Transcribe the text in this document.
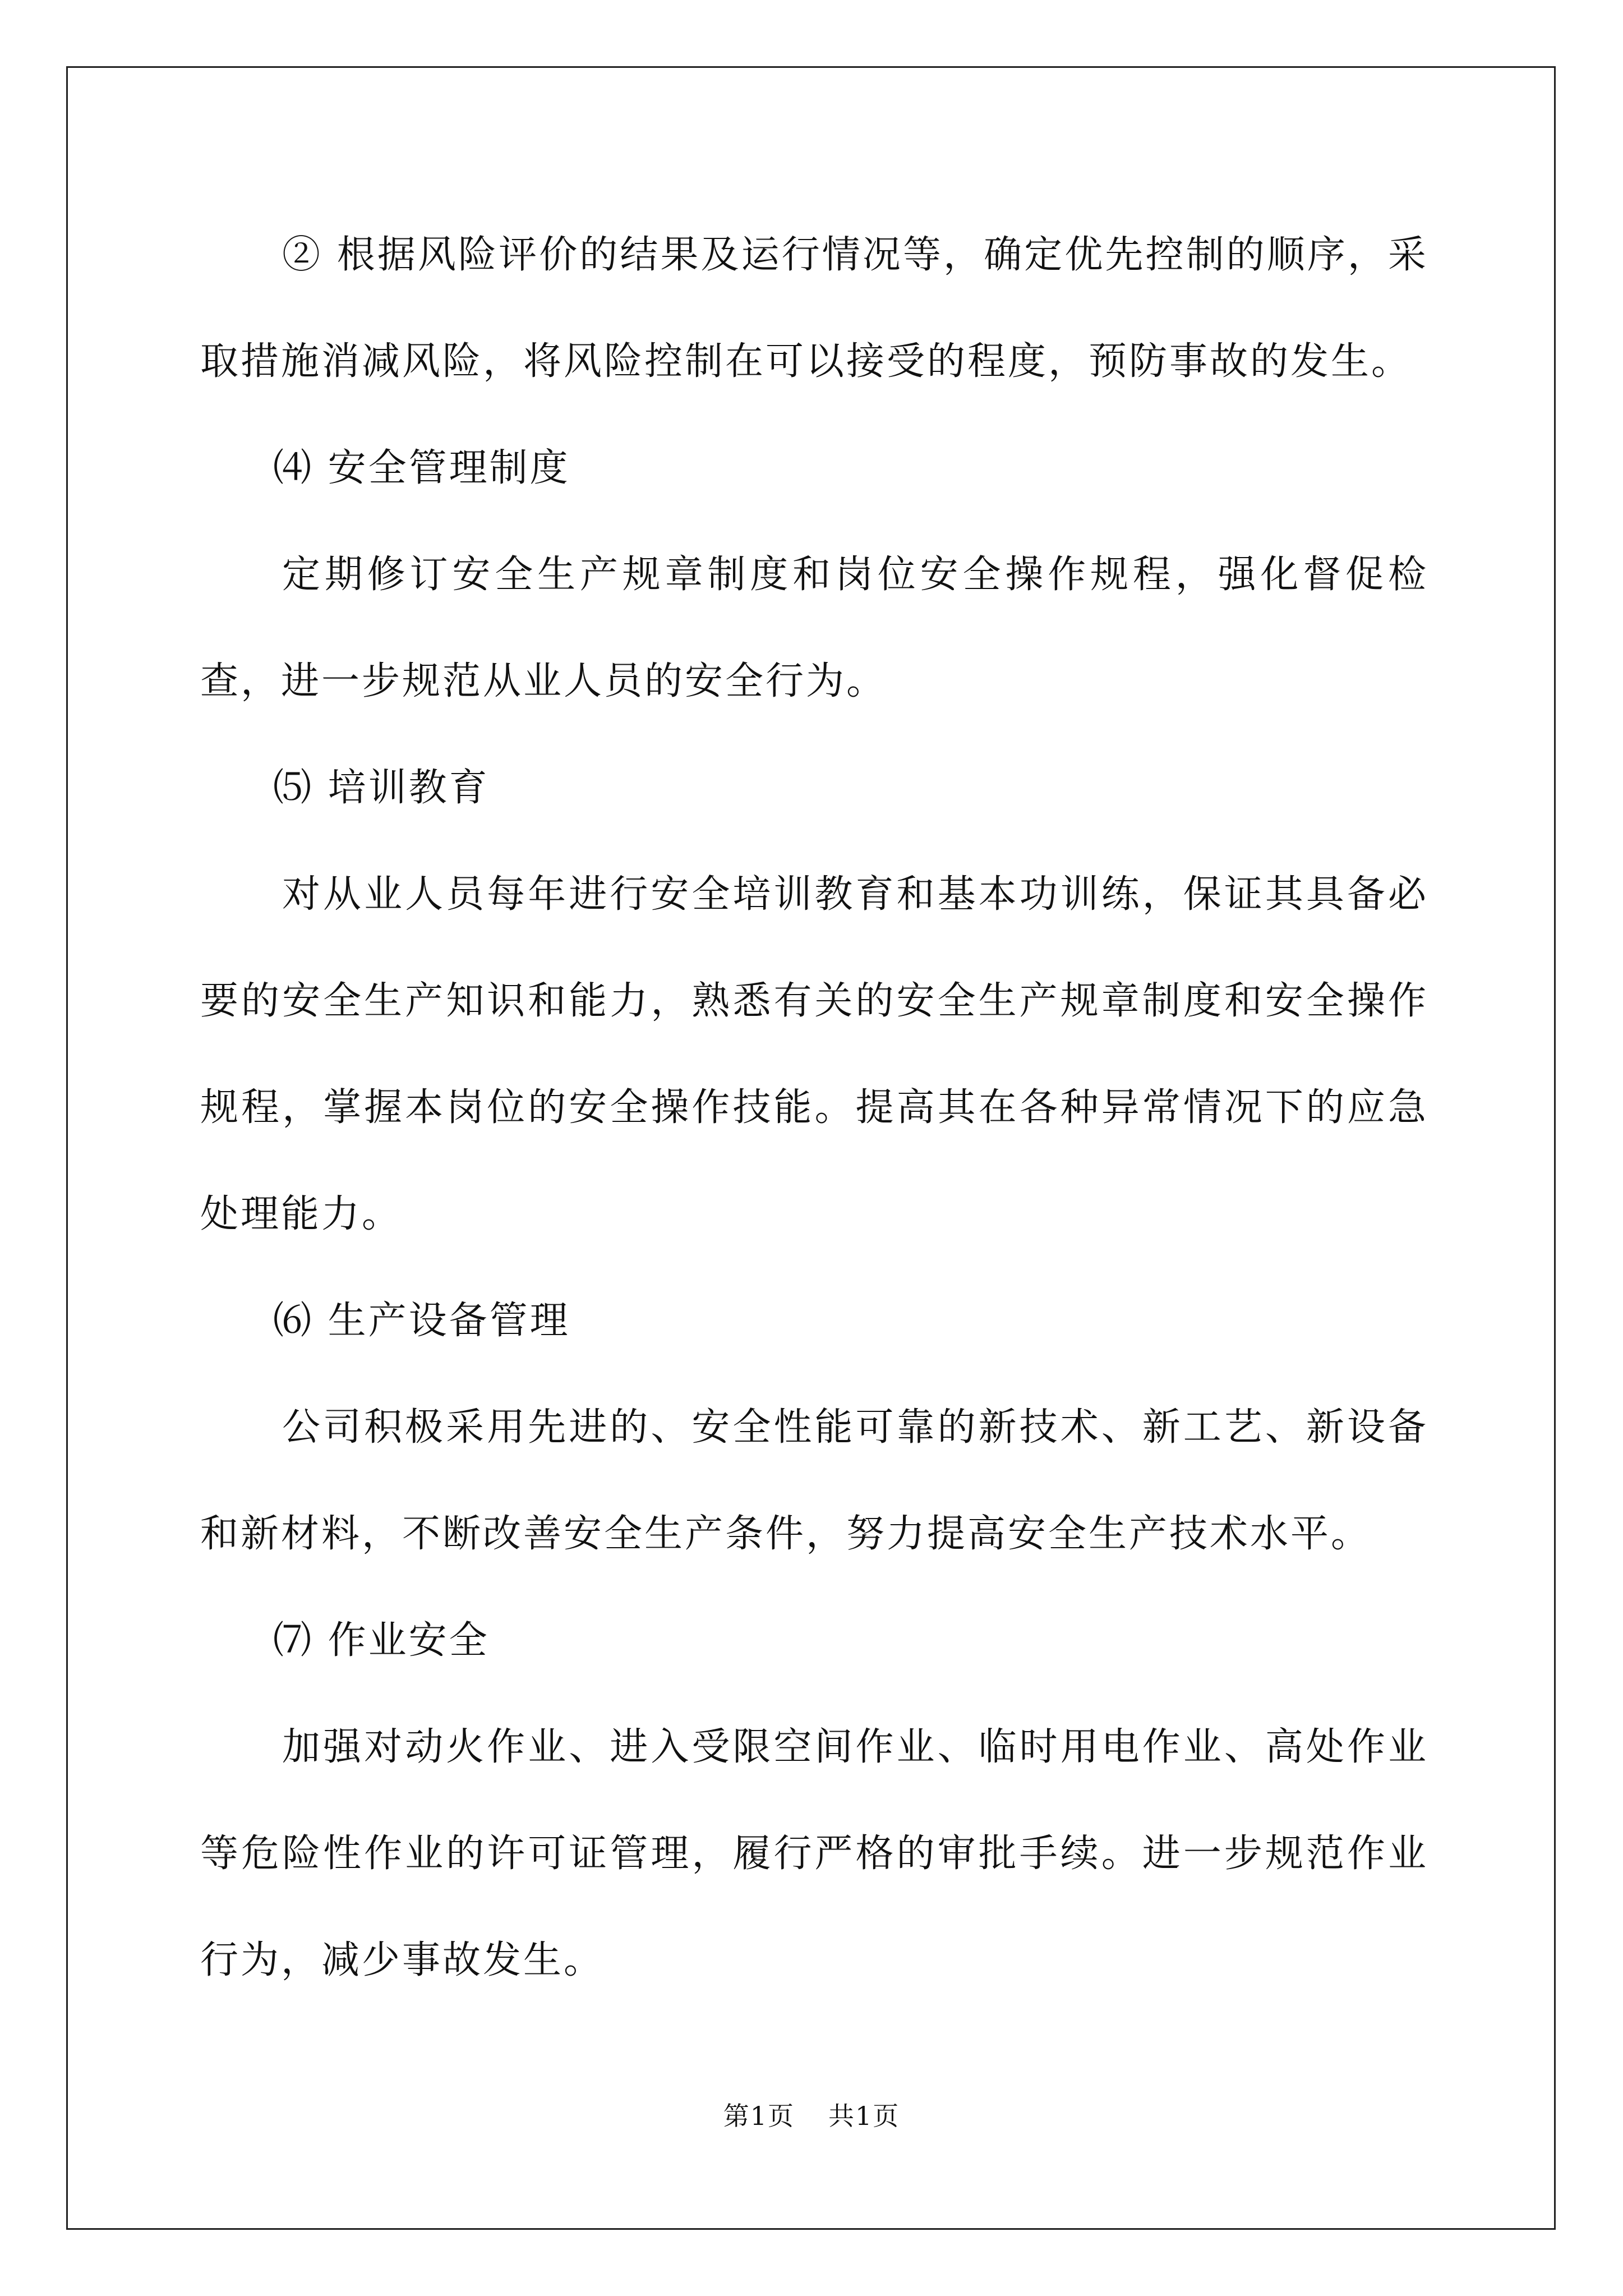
② 根据风险评价的结果及运行情况等，确定优先控制的顺序，采取措施消减风险，将风险控制在可以接受的程度，预防事故的发生。

⑷ 安全管理制度

定期修订安全生产规章制度和岗位安全操作规程，强化督促检查，进一步规范从业人员的安全行为。

⑸ 培训教育

对从业人员每年进行安全培训教育和基本功训练，保证其具备必要的安全生产知识和能力，熟悉有关的安全生产规章制度和安全操作规程，掌握本岗位的安全操作技能。提高其在各种异常情况下的应急处理能力。

⑹ 生产设备管理

公司积极采用先进的、安全性能可靠的新技术、新工艺、新设备和新材料，不断改善安全生产条件，努力提高安全生产技术水平。

⑺ 作业安全

加强对动火作业、进入受限空间作业、临时用电作业、高处作业等危险性作业的许可证管理，履行严格的审批手续。进一步规范作业行为，减少事故发生。

第1页 共1页
